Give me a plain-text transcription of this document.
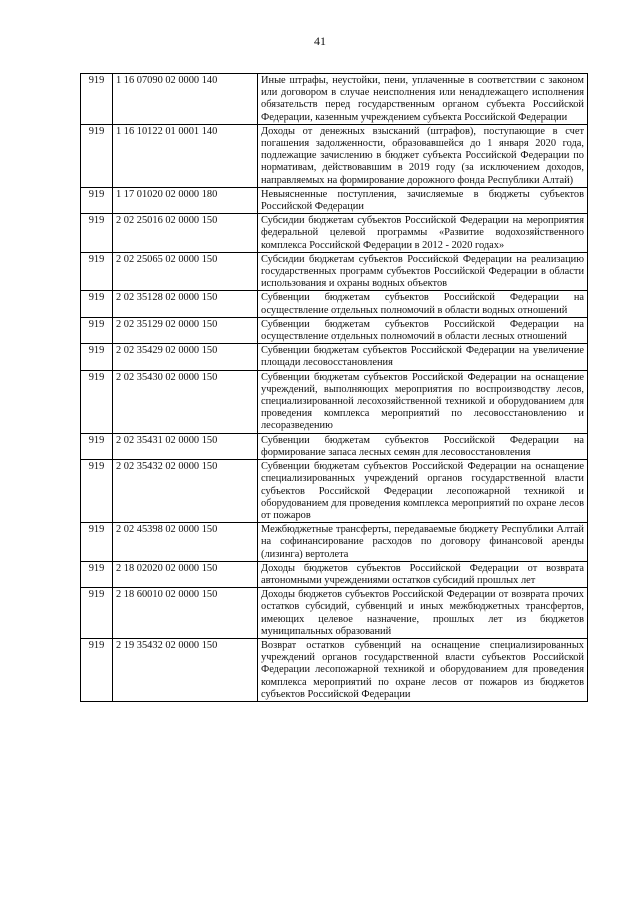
41
919	1 16 07090 02 0000 140	Иные штрафы, неустойки, пени, уплаченные в соответствии с законом или договором в случае неисполнения или ненадлежащего исполнения обязательств перед государственным органом субъекта Российской Федерации, казенным учреждением субъекта Российской Федерации
919	1 16 10122 01 0001 140	Доходы от денежных взысканий (штрафов), поступающие в счет погашения задолженности, образовавшейся до 1 января 2020 года, подлежащие зачислению в бюджет субъекта Российской Федерации по нормативам, действовавшим в 2019 году (за исключением доходов, направляемых на формирование дорожного фонда Республики Алтай)
919	1 17 01020 02 0000 180	Невыясненные поступления, зачисляемые в бюджеты субъектов Российской Федерации
919	2 02 25016 02 0000 150	Субсидии бюджетам субъектов Российской Федерации на мероприятия федеральной целевой программы «Развитие водохозяйственного комплекса Российской Федерации в 2012 - 2020 годах»
919	2 02 25065 02 0000 150	Субсидии бюджетам субъектов Российской Федерации на реализацию государственных программ субъектов Российской Федерации в области использования и охраны водных объектов
919	2 02 35128 02 0000 150	Субвенции бюджетам субъектов Российской Федерации на осуществление отдельных полномочий в области водных отношений
919	2 02 35129 02 0000 150	Субвенции бюджетам субъектов Российской Федерации на осуществление отдельных полномочий в области лесных отношений
919	2 02 35429 02 0000 150	Субвенции бюджетам субъектов Российской Федерации на увеличение площади лесовосстановления
919	2 02 35430 02 0000 150	Субвенции бюджетам субъектов Российской Федерации на оснащение учреждений, выполняющих мероприятия по воспроизводству лесов, специализированной лесохозяйственной техникой и оборудованием для проведения комплекса мероприятий по лесовосстановлению и лесоразведению
919	2 02 35431 02 0000 150	Субвенции бюджетам субъектов Российской Федерации на формирование запаса лесных семян для лесовосстановления
919	2 02 35432 02 0000 150	Субвенции бюджетам субъектов Российской Федерации на оснащение специализированных учреждений органов государственной власти субъектов Российской Федерации лесопожарной техникой и оборудованием для проведения комплекса мероприятий по охране лесов от пожаров
919	2 02 45398 02 0000 150	Межбюджетные трансферты, передаваемые бюджету Республики Алтай на софинансирование расходов по договору финансовой аренды (лизинга) вертолета
919	2 18 02020 02 0000 150	Доходы бюджетов субъектов Российской Федерации от возврата автономными учреждениями остатков субсидий прошлых лет
919	2 18 60010 02 0000 150	Доходы бюджетов субъектов Российской Федерации от возврата прочих остатков субсидий, субвенций и иных межбюджетных трансфертов, имеющих целевое назначение, прошлых лет из бюджетов муниципальных образований
919	2 19 35432 02 0000 150	Возврат остатков субвенций на оснащение специализированных учреждений органов государственной власти субъектов Российской Федерации лесопожарной техникой и оборудованием для проведения комплекса мероприятий по охране лесов от пожаров из бюджетов субъектов Российской Федерации
